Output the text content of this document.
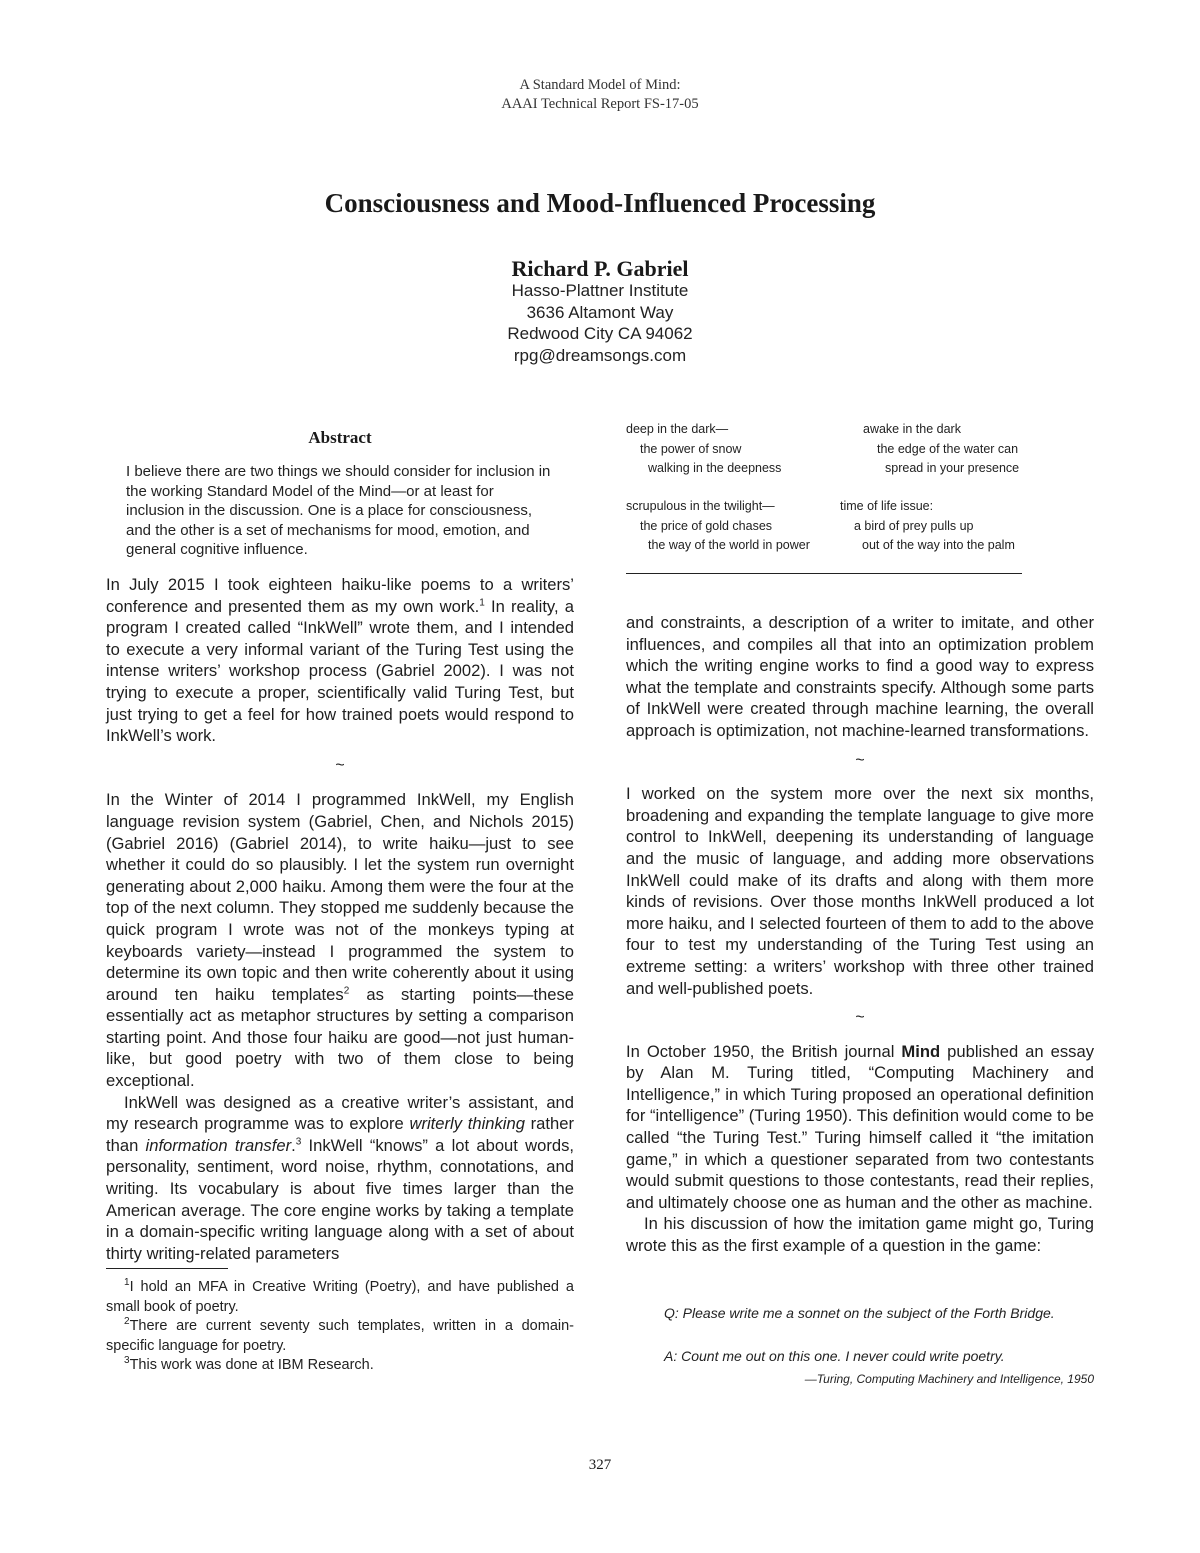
A Standard Model of Mind:
AAAI Technical Report FS-17-05
Consciousness and Mood-Influenced Processing
Richard P. Gabriel
Hasso-Plattner Institute
3636 Altamont Way
Redwood City CA 94062
rpg@dreamsongs.com
Abstract
I believe there are two things we should consider for inclusion in the working Standard Model of the Mind—or at least for inclusion in the discussion. One is a place for consciousness, and the other is a set of mechanisms for mood, emotion, and general cognitive influence.

In July 2015 I took eighteen haiku-like poems to a writers’ conference and presented them as my own work.$^1$ In reality, a program I created called “InkWell” wrote them, and I intended to execute a very informal variant of the Turing Test using the intense writers’ workshop process (Gabriel 2002). I was not trying to execute a proper, scientifically valid Turing Test, but just trying to get a feel for how trained poets would respond to InkWell’s work.

~

In the Winter of 2014 I programmed InkWell, my English language revision system (Gabriel, Chen, and Nichols 2015) (Gabriel 2016) (Gabriel 2014), to write haiku—just to see whether it could do so plausibly. I let the system run overnight generating about 2,000 haiku. Among them were the four at the top of the next column. They stopped me suddenly because the quick program I wrote was not of the monkeys typing at keyboards variety—instead I programmed the system to determine its own topic and then write coherently about it using around ten haiku templates$^2$ as starting points—these essentially act as metaphor structures by setting a comparison starting point. And those four haiku are good—not just human-like, but good poetry with two of them close to being exceptional.

InkWell was designed as a creative writer’s assistant, and my research programme was to explore writerly thinking rather than information transfer.$^3$ InkWell “knows” a lot about words, personality, sentiment, word noise, rhythm, connotations, and writing. Its vocabulary is about five times larger than the American average. The core engine works by taking a template in a domain-specific writing language along with a set of about thirty writing-related parameters

$^1$I hold an MFA in Creative Writing (Poetry), and have published a small book of poetry.

$^2$There are current seventy such templates, written in a domain-specific language for poetry.

$^3$This work was done at IBM Research.

deep in the dark—
the power of snow
walking in the deepness
awake in the dark
the edge of the water can
spread in your presence
scrupulous in the twilight—
the price of gold chases
the way of the world in power
time of life issue:
a bird of prey pulls up
out of the way into the palm

and constraints, a description of a writer to imitate, and other influences, and compiles all that into an optimization problem which the writing engine works to find a good way to express what the template and constraints specify. Although some parts of InkWell were created through machine learning, the overall approach is optimization, not machine-learned transformations.

~

I worked on the system more over the next six months, broadening and expanding the template language to give more control to InkWell, deepening its understanding of language and the music of language, and adding more observations InkWell could make of its drafts and along with them more kinds of revisions. Over those months InkWell produced a lot more haiku, and I selected fourteen of them to add to the above four to test my understanding of the Turing Test using an extreme setting: a writers’ workshop with three other trained and well-published poets.

~

In October 1950, the British journal Mind published an essay by Alan M. Turing titled, “Computing Machinery and Intelligence,” in which Turing proposed an operational definition for “intelligence” (Turing 1950). This definition would come to be called “the Turing Test.” Turing himself called it “the imitation game,” in which a questioner separated from two contestants would submit questions to those contestants, read their replies, and ultimately choose one as human and the other as machine.

In his discussion of how the imitation game might go, Turing wrote this as the first example of a question in the game:

Q: Please write me a sonnet on the subject of the Forth Bridge.
A: Count me out on this one. I never could write poetry.
—Turing, Computing Machinery and Intelligence, 1950
327
